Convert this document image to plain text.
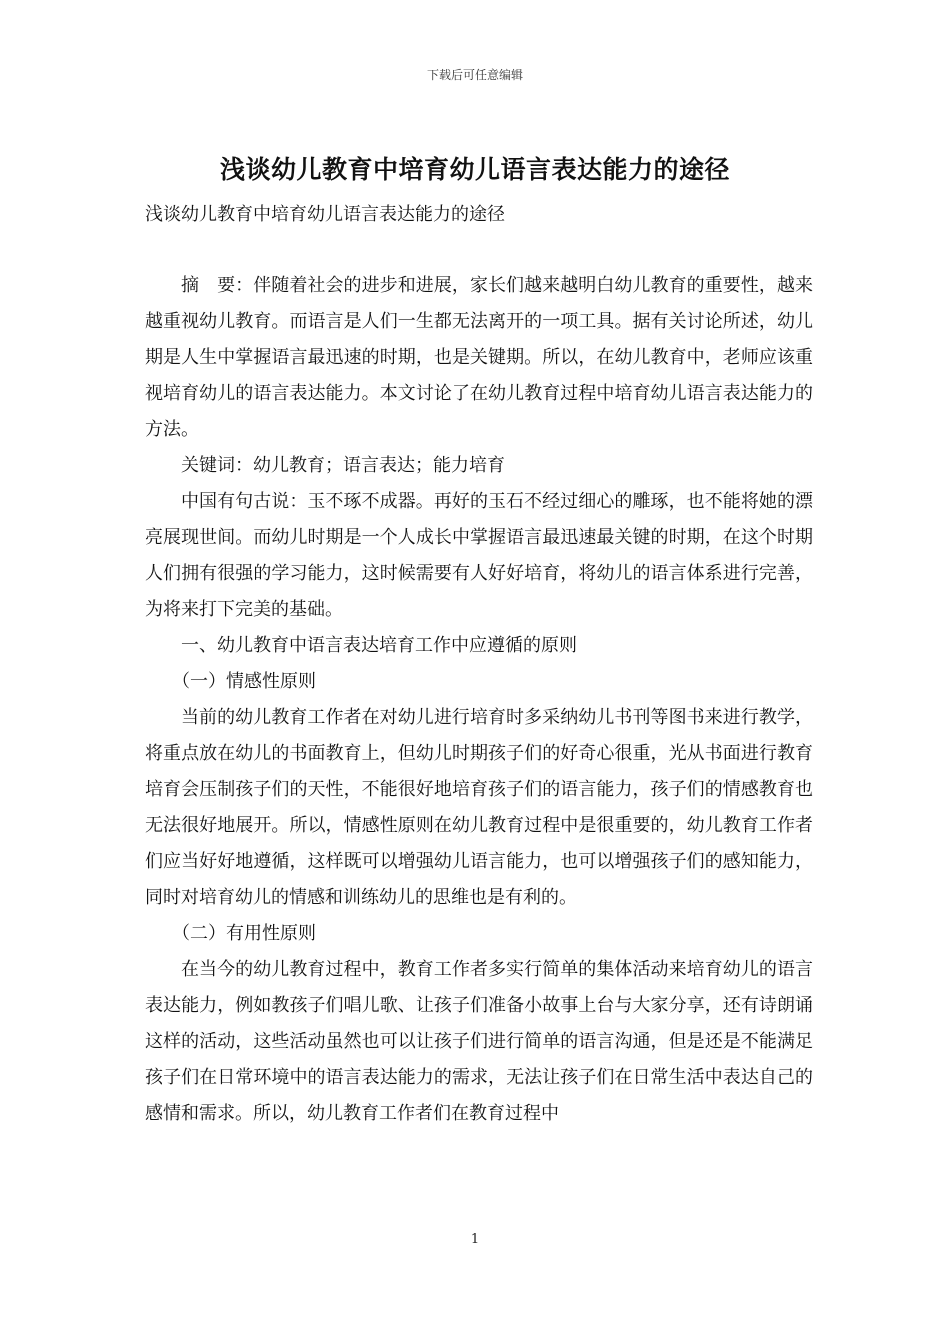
下载后可任意编辑
浅谈幼儿教育中培育幼儿语言表达能力的途径
浅谈幼儿教育中培育幼儿语言表达能力的途径

摘　要：伴随着社会的进步和进展，家长们越来越明白幼儿教育的重要性，越来越重视幼儿教育。而语言是人们一生都无法离开的一项工具。据有关讨论所述，幼儿期是人生中掌握语言最迅速的时期，也是关键期。所以，在幼儿教育中，老师应该重视培育幼儿的语言表达能力。本文讨论了在幼儿教育过程中培育幼儿语言表达能力的方法。

关键词：幼儿教育；语言表达；能力培育

中国有句古说：玉不琢不成器。再好的玉石不经过细心的雕琢，也不能将她的漂亮展现世间。而幼儿时期是一个人成长中掌握语言最迅速最关键的时期，在这个时期人们拥有很强的学习能力，这时候需要有人好好培育，将幼儿的语言体系进行完善，为将来打下完美的基础。

一、幼儿教育中语言表达培育工作中应遵循的原则

（一）情感性原则

当前的幼儿教育工作者在对幼儿进行培育时多采纳幼儿书刊等图书来进行教学，将重点放在幼儿的书面教育上，但幼儿时期孩子们的好奇心很重，光从书面进行教育培育会压制孩子们的天性，不能很好地培育孩子们的语言能力，孩子们的情感教育也无法很好地展开。所以，情感性原则在幼儿教育过程中是很重要的，幼儿教育工作者们应当好好地遵循，这样既可以增强幼儿语言能力，也可以增强孩子们的感知能力，同时对培育幼儿的情感和训练幼儿的思维也是有利的。

（二）有用性原则

在当今的幼儿教育过程中，教育工作者多实行简单的集体活动来培育幼儿的语言表达能力，例如教孩子们唱儿歌、让孩子们准备小故事上台与大家分享，还有诗朗诵这样的活动，这些活动虽然也可以让孩子们进行简单的语言沟通，但是还是不能满足孩子们在日常环境中的语言表达能力的需求，无法让孩子们在日常生活中表达自己的感情和需求。所以，幼儿教育工作者们在教育过程中

1
